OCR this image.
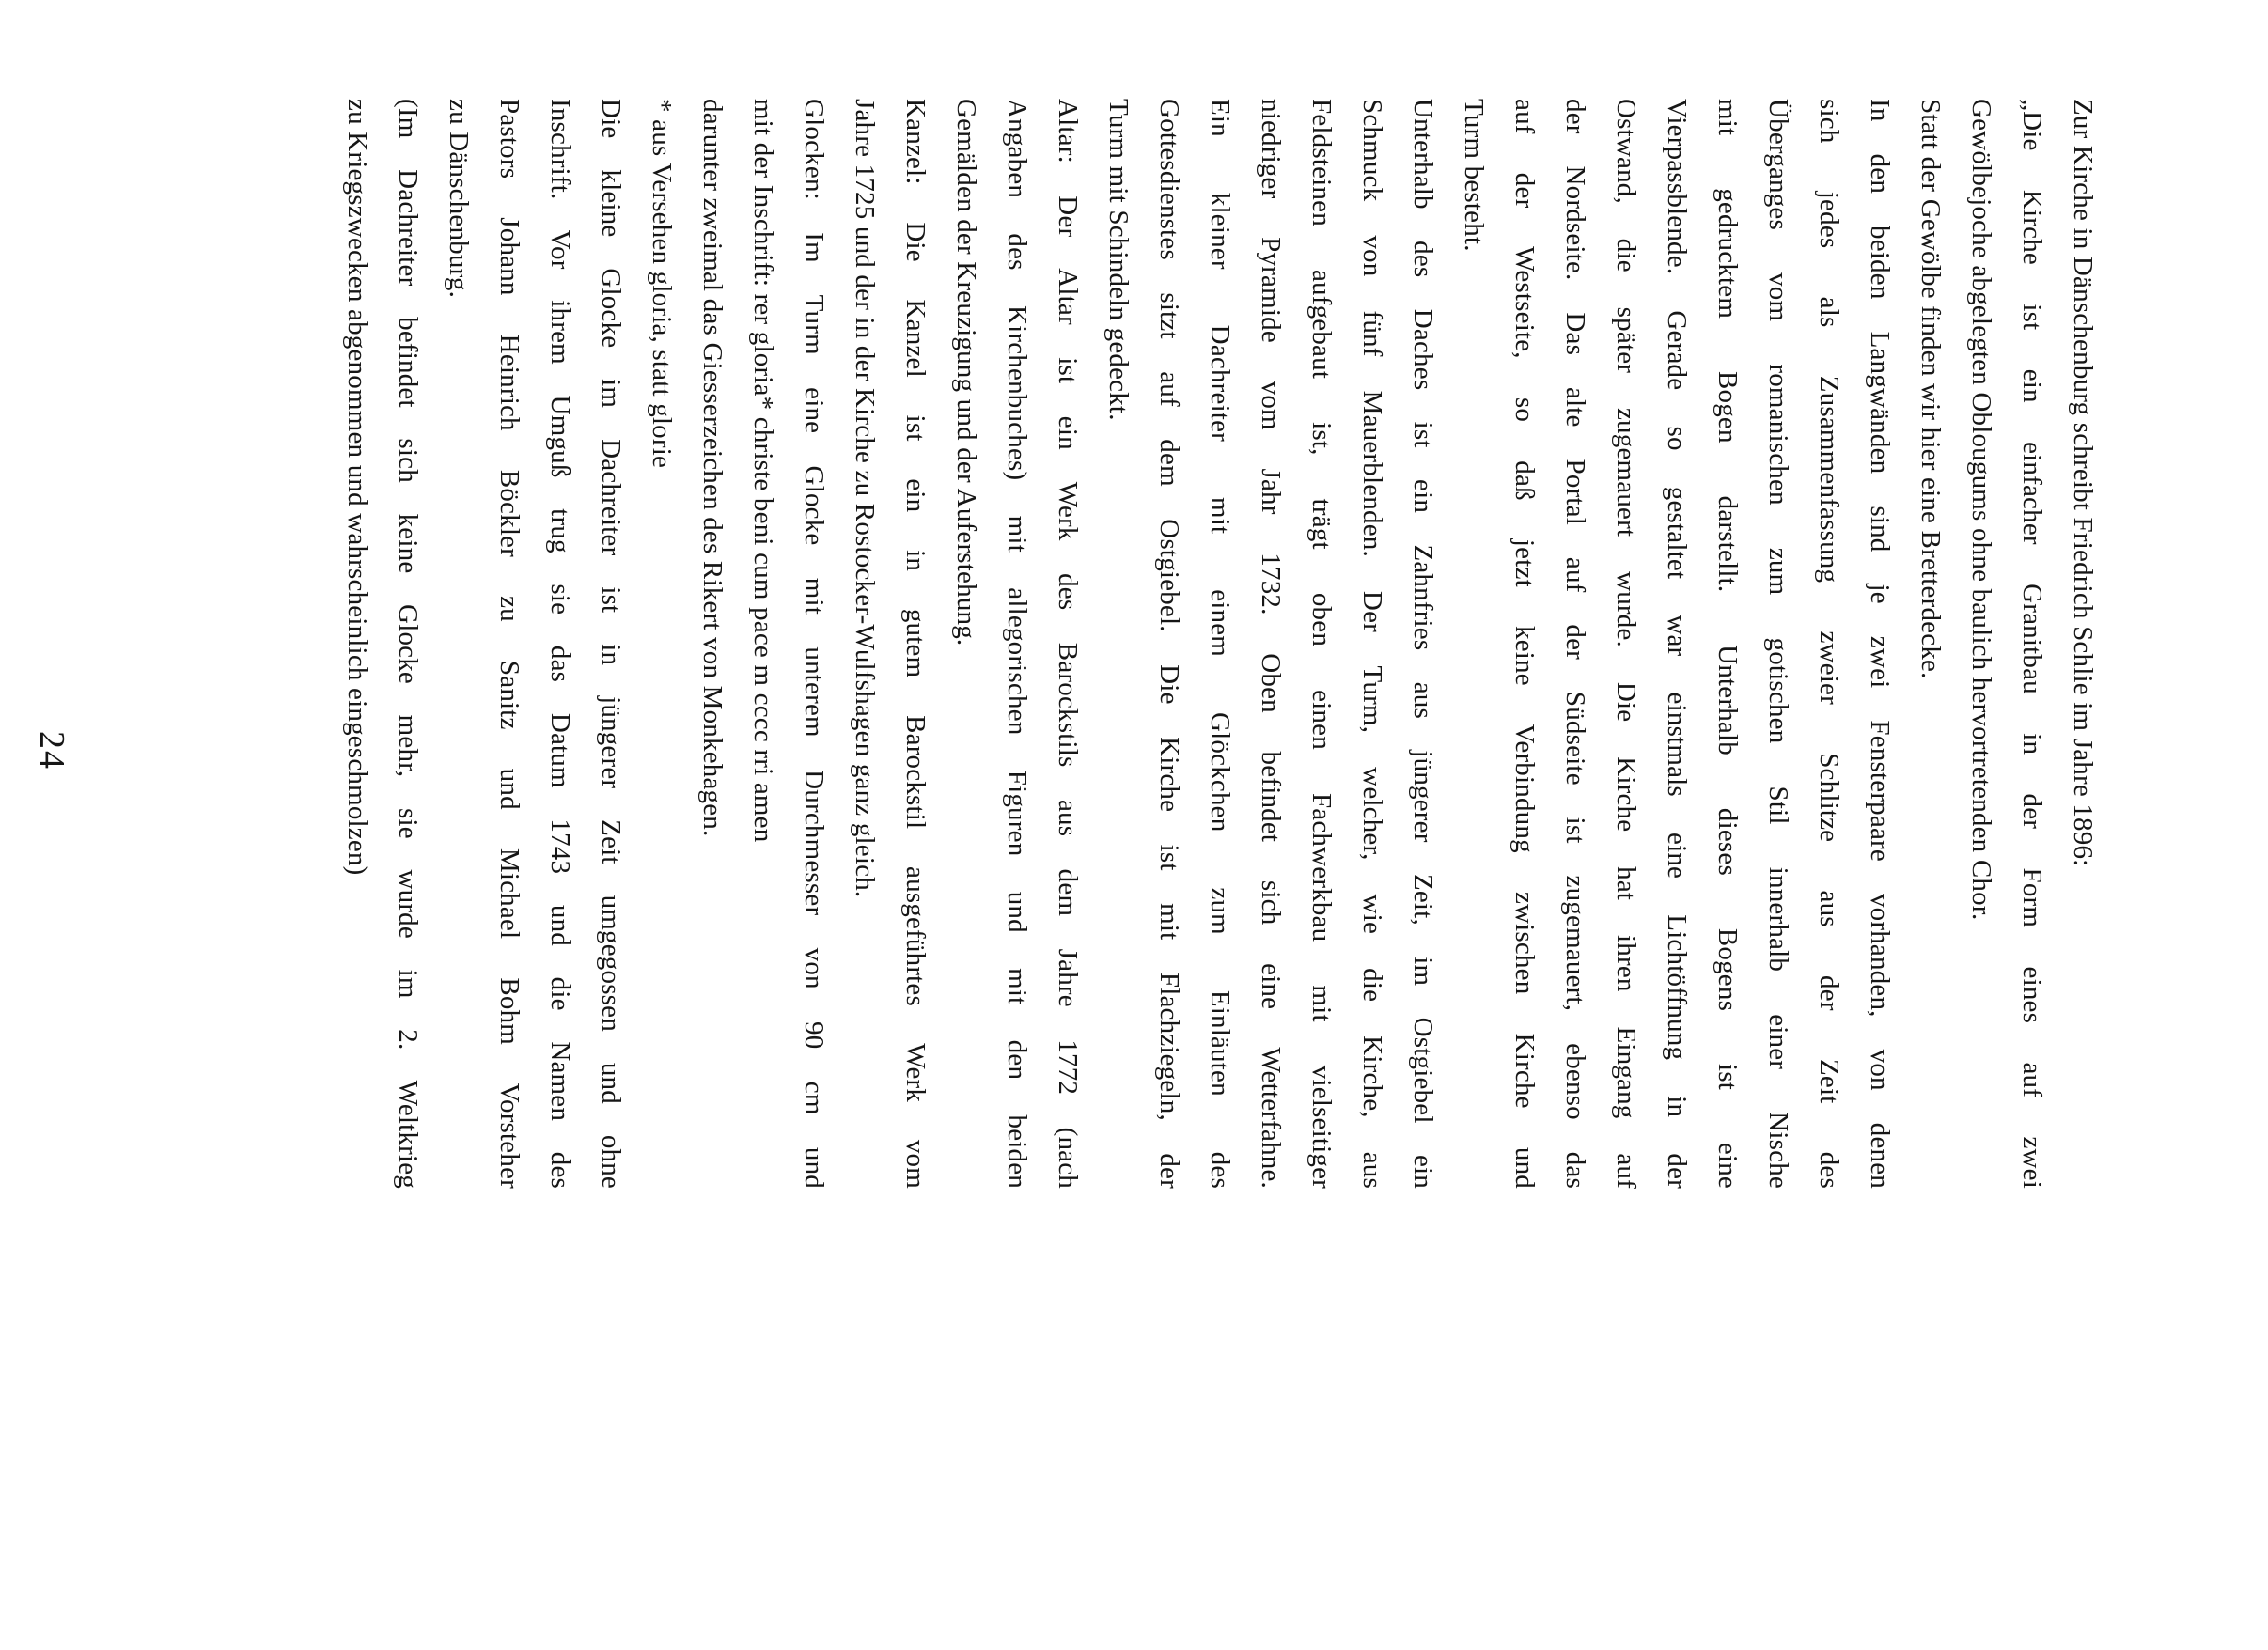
Zur Kirche in Dänschenburg schreibt Friedrich Schlie im Jahre 1896:
„Die Kirche ist ein einfacher Granitbau in der Form eines auf zwei
Gewölbejoche abgelegten Oblougums ohne baulich hervortretenden Chor.
Statt der Gewölbe finden wir hier eine Bretterdecke.
In den beiden Langwänden sind je zwei Fensterpaare vorhanden, von denen
sich jedes als Zusammenfassung zweier Schlitze aus der Zeit des
Überganges vom romanischen zum gotischen Stil innerhalb einer Nische
mit gedrucktem Bogen darstellt. Unterhalb dieses Bogens ist eine
Vierpassblende. Gerade so gestaltet war einstmals eine Lichtöffnung in der
Ostwand, die später zugemauert wurde. Die Kirche hat ihren Eingang auf
der Nordseite. Das alte Portal auf der Südseite ist zugemauert, ebenso das
auf der Westseite, so daß jetzt keine Verbindung zwischen Kirche und
Turm besteht.
Unterhalb des Daches ist ein Zahnfries aus jüngerer Zeit, im Ostgiebel ein
Schmuck von fünf Mauerblenden. Der Turm, welcher, wie die Kirche, aus
Feldsteinen aufgebaut ist, trägt oben einen Fachwerkbau mit vielseitiger
niedriger Pyramide vom Jahr 1732. Oben befindet sich eine Wetterfahne.
Ein kleiner Dachreiter mit einem Glöckchen zum Einläuten des
Gottesdienstes sitzt auf dem Ostgiebel. Die Kirche ist mit Flachziegeln, der
Turm mit Schindeln gedeckt.
Altar: Der Altar ist ein Werk des Barockstils aus dem Jahre 1772 (nach
Angaben des Kirchenbuches) mit allegorischen Figuren und mit den beiden
Gemälden der Kreuzigung und der Auferstehung.
Kanzel: Die Kanzel ist ein in gutem Barockstil ausgeführtes Werk vom
Jahre 1725 und der in der Kirche zu Rostocker-Wulfshagen ganz gleich.
Glocken: Im Turm eine Glocke mit unterem Durchmesser von 90 cm und
mit der Inschrift: rer gloria* christe beni cum pace m cccc rri amen
darunter zweimal das Giesserzeichen des Rikert von Monkehagen.
* aus Versehen gloria, statt glorie
Die kleine Glocke im Dachreiter ist in jüngerer Zeit umgegossen und ohne
Inschrift. Vor ihrem Umguß trug sie das Datum 1743 und die Namen des
Pastors Johann Heinrich Böckler zu Sanitz und Michael Bohm Vorsteher
zu Dänschenburg.
(Im Dachreiter befindet sich keine Glocke mehr, sie wurde im 2. Weltkrieg
zu Kriegszwecken abgenommen und wahrscheinlich eingeschmolzen)
24
